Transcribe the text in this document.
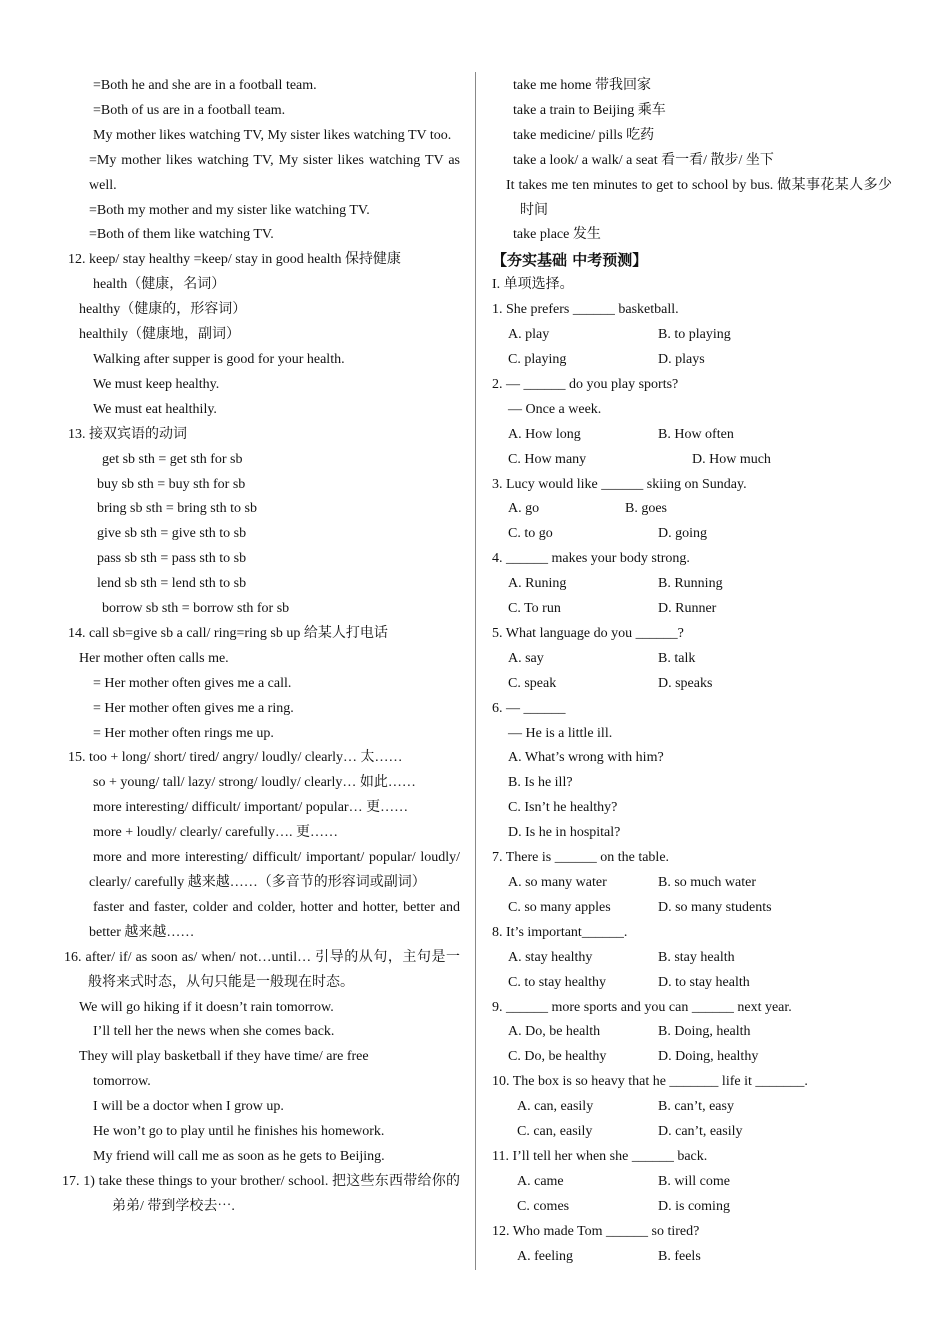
=Both he and she are in a football team.
=Both of us are in a football team.
My mother likes watching TV, My sister likes watching TV too.
=My mother likes watching TV, My sister likes watching TV as well.
=Both my mother and my sister like watching TV.
=Both of them like watching TV.
12. keep/ stay healthy =keep/ stay in good health 保持健康
health（健康，名词）
healthy（健康的，形容词）
healthily（健康地，副词）
Walking after supper is good for your health.
We must keep healthy.
We must eat healthily.
13. 接双宾语的动词
get sb sth = get sth for sb
buy sb sth = buy sth for sb
bring sb sth = bring sth to sb
give sb sth = give sth to sb
pass sb sth = pass sth to sb
lend sb sth = lend sth to sb
borrow sb sth = borrow sth for sb
14. call sb=give sb a call/ ring=ring sb up 给某人打电话
Her mother often calls me.
= Her mother often gives me a call.
= Her mother often gives me a ring.
= Her mother often rings me up.
15. too + long/ short/ tired/ angry/ loudly/ clearly… 太……
so + young/ tall/ lazy/ strong/ loudly/ clearly… 如此……
more interesting/ difficult/ important/ popular… 更……
more + loudly/ clearly/ carefully…. 更……
more and more interesting/ difficult/ important/ popular/ loudly/ clearly/ carefully 越来越……（多音节的形容词或副词）
faster and faster, colder and colder, hotter and hotter, better and better 越来越……
16. after/ if/ as soon as/ when/ not…until… 引导的从句，主句是一般将来式时态，从句只能是一般现在时态。
We will go hiking if it doesn’t rain tomorrow.
I’ll tell her the news when she comes back.
They will play basketball if they have time/ are free
tomorrow.
I will be a doctor when I grow up.
He won’t go to play until he finishes his homework.
My friend will call me as soon as he gets to Beijing.
17. 1) take these things to your brother/ school. 把这些东西带给你的弟弟/ 带到学校去⋯.
take me home 带我回家
take a train to Beijing 乘车
take medicine/ pills 吃药
take a look/ a walk/ a seat 看一看/ 散步/ 坐下
It takes me ten minutes to get to school by bus. 做某事花某人多少时间
take place 发生
【夯实基础 中考预测】
I. 单项选择。
1. She prefers ______ basketball.
A. play	B. to playing
C. playing	D. plays
2. — ______ do you play sports?
— Once a week.
A. How long	B. How often
C. How many	D. How much
3. Lucy would like ______ skiing on Sunday.
A. go	B. goes
C. to go	D. going
4. ______ makes your body strong.
A. Runing	B. Running
C. To run	D. Runner
5. What language do you ______?
A. say	B. talk
C. speak	D. speaks
6. — ______
— He is a little ill.
A. What’s wrong with him?
B. Is he ill?
C. Isn’t he healthy?
D. Is he in hospital?
7. There is ______ on the table.
A. so many water	B. so much water
C. so many apples	D. so many students
8. It’s important______.
A. stay healthy	B. stay health
C. to stay healthy	D. to stay health
9. ______ more sports and you can ______ next year.
A. Do, be health	B. Doing, health
C. Do, be healthy	D. Doing, healthy
10. The box is so heavy that he _______ life it _______.
A. can, easily	B. can’t, easy
C. can, easily	D. can’t, easily
11. I’ll tell her when she ______ back.
A. came	B. will come
C. comes	D. is coming
12. Who made Tom ______ so tired?
A. feeling	B. feels
